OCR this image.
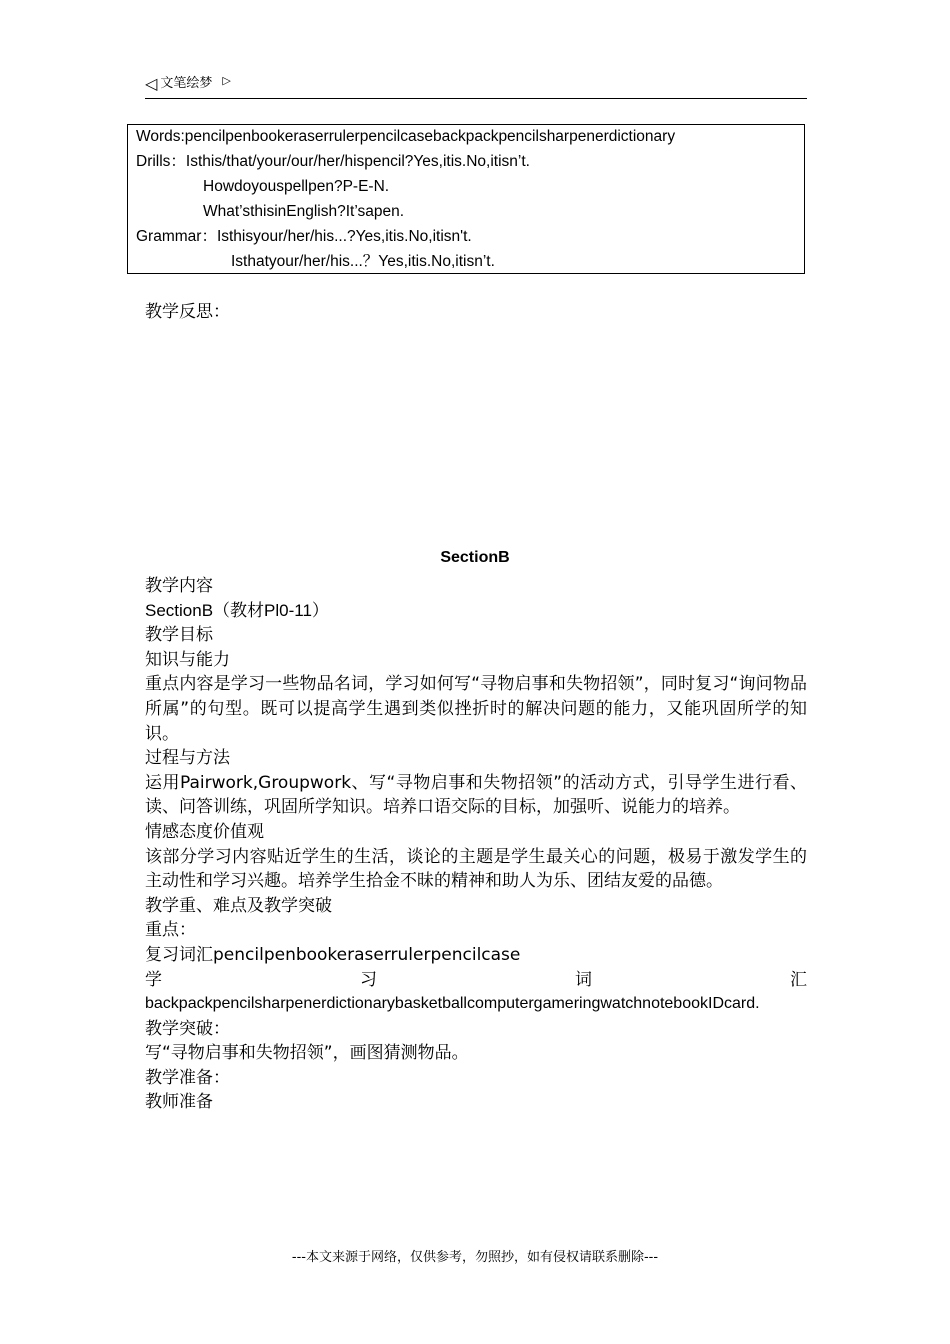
◁ 文笔绘梦 ▷
Words:pencilpenbookeraserrulerpencilcasebackpackpencilsharpenerdictionary
Drills：Isthis/that/your/our/her/hispencil?Yes,itis.No,itisn’t.
Howdoyouspellpen?P-E-N.
What’sthisinEnglish?It’sapen.
Grammar：Isthisyour/her/his...?Yes,itis.No,itisn't.
Isthatyour/her/his...？Yes,itis.No,itisn’t.
教学反思：
SectionB

教学内容

SectionB（教材Pl0-11）

教学目标

知识与能力

重点内容是学习一些物品名词，学习如何写“寻物启事和失物招领”，同时复习“询问物品所属”的句型。既可以提高学生遇到类似挫折时的解决问题的能力，又能巩固所学的知识。

过程与方法

运用Pairwork,Groupwork、写“寻物启事和失物招领”的活动方式，引导学生进行看、读、问答训练，巩固所学知识。培养口语交际的目标，加强听、说能力的培养。

情感态度价值观

该部分学习内容贴近学生的生活，谈论的主题是学生最关心的问题，极易于激发学生的主动性和学习兴趣。培养学生拾金不昧的精神和助人为乐、团结友爱的品德。

教学重、难点及教学突破

重点：

复习词汇pencilpenbookeraserrulerpencilcase

学	习	词	汇

backpackpencilsharpenerdictionarybasketballcomputergameringwatchnotebookIDcard.

教学突破：

写“寻物启事和失物招领”，画图猜测物品。

教学准备：

教师准备

---本文来源于网络，仅供参考，勿照抄，如有侵权请联系删除---
